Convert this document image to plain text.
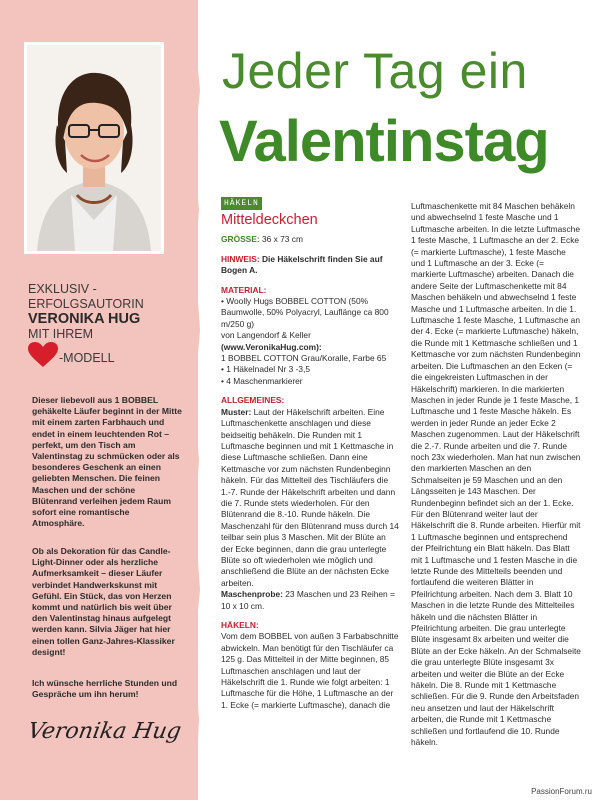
EXKLUSIV -
ERFOLGSAUTORIN
VERONIKA HUG
MIT IHREM
-MODELL
Dieser liebevoll aus 1 BOBBEL gehäkelte Läufer beginnt in der Mitte mit einem zarten Farbhauch und endet in einem leuchtenden Rot – perfekt, um den Tisch am Valentinstag zu schmücken oder als besonderes Geschenk an einen geliebten Menschen. Die feinen Maschen und der schöne Blütenrand verleihen jedem Raum sofort eine romantische Atmosphäre.
Ob als Dekoration für das Candle-Light-Dinner oder als herzliche Aufmerksamkeit – dieser Läufer verbindet Handwerkskunst mit Gefühl. Ein Stück, das von Herzen kommt und natürlich bis weit über den Valentinstag hinaus aufgelegt werden kann. Silvia Jäger hat hier einen tollen Ganz-Jahres-Klassiker designt!
Ich wünsche herrliche Stunden und Gespräche um ihn herum!
Veronika Hug
Jeder Tag ein
Valentinstag
HÄKELN
Mitteldeckchen

GRÖSSE: 36 x 73 cm

HINWEIS: Die Häkelschrift finden Sie auf Bogen A.

MATERIAL:
• Woolly Hugs BOBBEL COTTON (50% Baumwolle, 50% Polyacryl, Lauflänge ca 800 m/250 g)
von Langendorf & Keller
(www.VeronikaHug.com):
1 BOBBEL COTTON Grau/Koralle, Farbe 65
• 1 Häkelnadel Nr 3 -3,5

• 4 Maschenmarkierer

ALLGEMEINES:
Muster: Laut der Häkelschrift arbeiten. Eine Luftmaschenkette anschlagen und diese beidseitig behäkeln. Die Runden mit 1 Luftmasche beginnen und mit 1 Kettmasche in diese Luftmasche schließen. Dann eine Kettmasche vor zum nächsten Rundenbeginn häkeln. Für das Mittelteil des Tischläufers die 1.-7. Runde der Häkelschrift arbeiten und dann die 7. Runde stets wiederholen. Für den Blütenrand die 8.-10. Runde häkeln. Die Maschenzahl für den Blütenrand muss durch 14 teilbar sein plus 3 Maschen. Mit der Blüte an der Ecke beginnen, dann die grau unterlegte Blüte so oft wiederholen wie möglich und anschließend die Blüte an der nächsten Ecke arbeiten.

Maschenprobe: 23 Maschen und 23 Reihen = 10 x 10 cm.

HÄKELN:
Vom dem BOBBEL von außen 3 Farbabschnitte abwickeln. Man benötigt für den Tischläufer ca 125 g. Das Mittelteil in der Mitte beginnen, 85 Luftmaschen anschlagen und laut der Häkelschrift die 1. Runde wie folgt arbeiten: 1 Luftmasche für die Höhe, 1 Luftmasche an der 1. Ecke (= markierte Luftmasche), danach die
Luftmaschenkette mit 84 Maschen behäkeln und abwechselnd 1 feste Masche und 1 Luftmasche arbeiten. In die letzte Luftmasche 1 feste Masche, 1 Luftmasche an der 2. Ecke (= markierte Luftmasche), 1 feste Masche und 1 Luftmasche an der 3. Ecke (= markierte Luftmasche) arbeiten. Danach die andere Seite der Luftmaschenkette mit 84 Maschen behäkeln und abwechselnd 1 feste Masche und 1 Luftmasche arbeiten. In die 1. Luftmasche 1 feste Masche, 1 Luftmasche an der 4. Ecke (= markierte Luftmasche) häkeln, die Runde mit 1 Kettmasche schließen und 1 Kettmasche vor zum nächsten Rundenbeginn arbeiten. Die Luftmaschen an den Ecken (= die eingekreisten Luftmaschen in der Häkelschrift) markieren. In die markierten Maschen in jeder Runde je 1 feste Masche, 1 Luftmasche und 1 feste Masche häkeln. Es werden in jeder Runde an jeder Ecke 2 Maschen zugenommen. Laut der Häkelschrift die 2.-7. Runde arbeiten und die 7. Runde noch 23x wiederholen. Man hat nun zwischen den markierten Maschen an den Schmalseiten je 59 Maschen und an den Längsseiten je 143 Maschen. Der Rundenbeginn befindet sich an der 1. Ecke. Für den Blütenrand weiter laut der Häkelschrift die 8. Runde arbeiten. Hierfür mit 1 Luftmasche beginnen und entsprechend der Pfeilrichtung ein Blatt häkeln. Das Blatt mit 1 Luftmasche und 1 festen Masche in die letzte Runde des Mittelteils beenden und fortlaufend die weiteren Blätter in Pfeilrichtung arbeiten. Nach dem 3. Blatt 10 Maschen in die letzte Runde des Mittelteiles häkeln und die nächsten Blätter in Pfeilrichtung arbeiten. Die grau unterlegte Blüte insgesamt 8x arbeiten und weiter die Blüte an der Ecke häkeln. An der Schmalseite die grau unterlegte Blüte insgesamt 3x arbeiten und weiter die Blüte an der Ecke häkeln. Die 8. Runde mit 1 Kettmasche schließen. Für die 9. Runde den Arbeitsfaden neu ansetzen und laut der Häkelschrift arbeiten, die Runde mit 1 Kettmasche schließen und fortlaufend die 10. Runde häkeln.
PassionForum.ru
